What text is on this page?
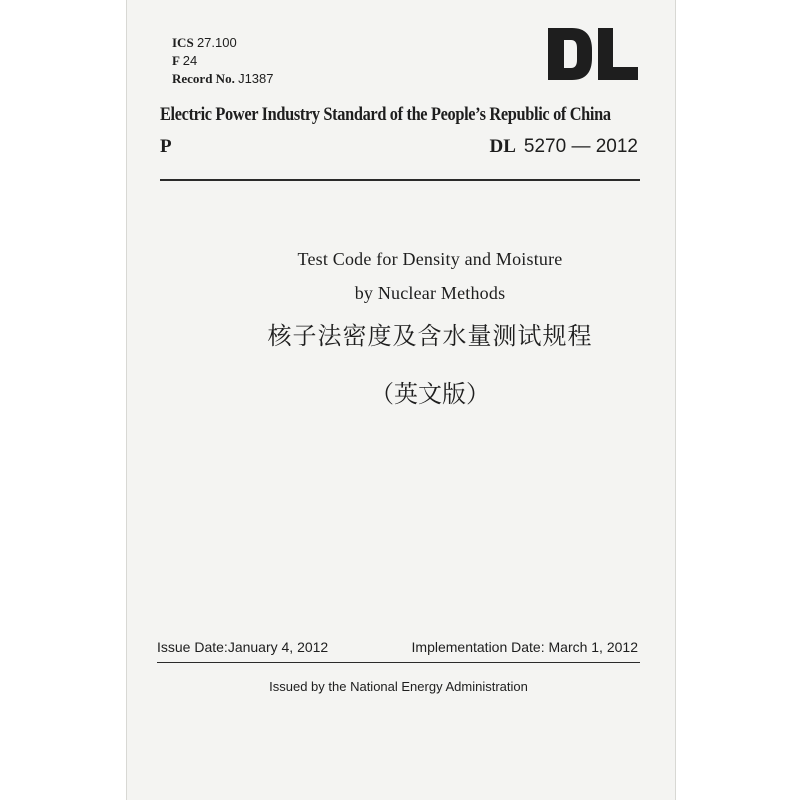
ICS 27.100
F 24
Record No. J1387
Electric Power Industry Standard of the People’s Republic of China
P	DL 5270 — 2012
Test Code for Density and Moisture
by Nuclear Methods
核子法密度及含水量测试规程
（英文版）
Issue Date:January 4, 2012	Implementation Date: March 1, 2012
Issued by the National Energy Administration
